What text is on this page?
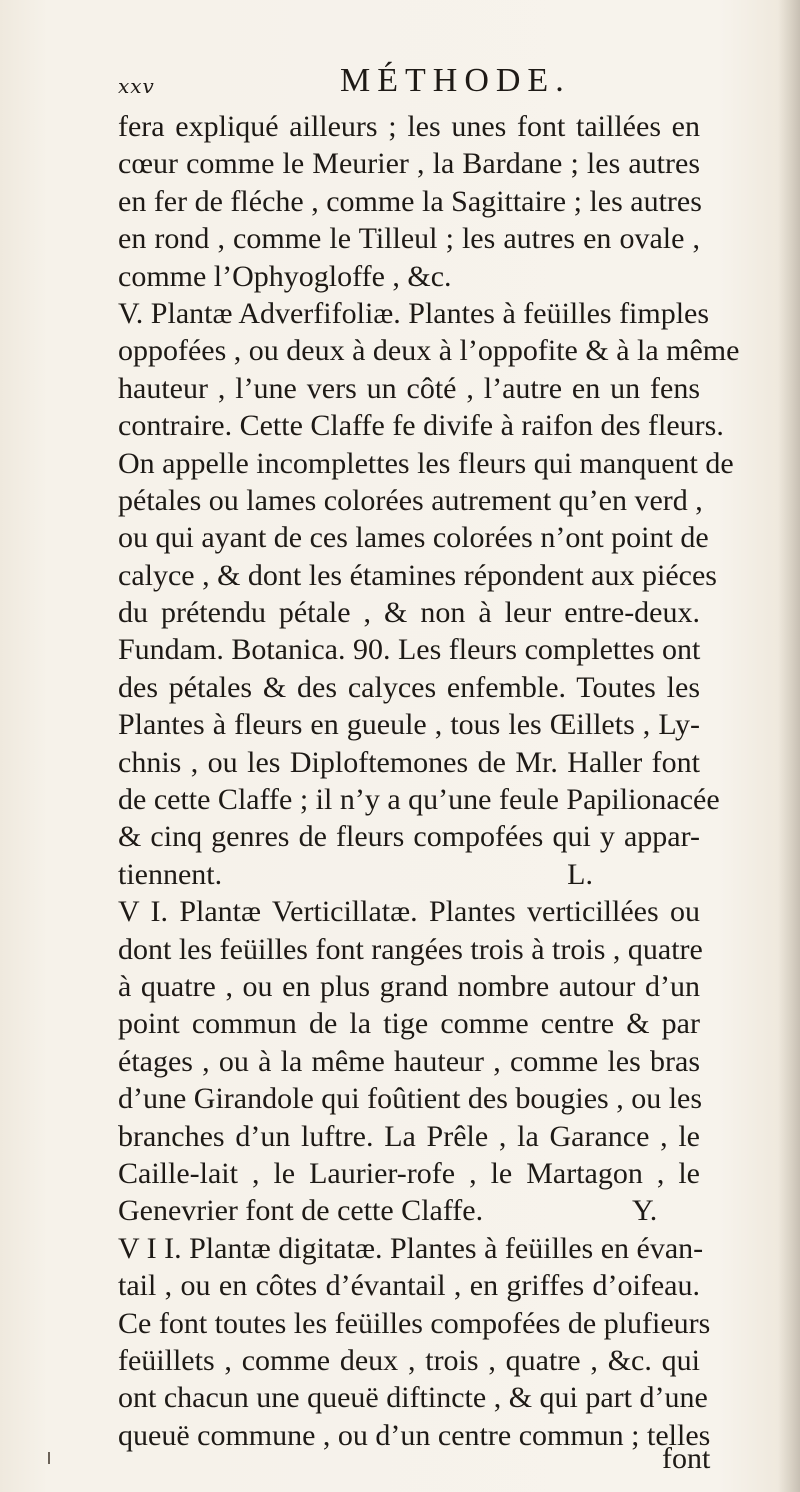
xxv	MÉTHODE.
fera expliqué ailleurs ; les unes font taillées en
cœur comme le Meurier , la Bardane ; les autres
en fer de fléche , comme la Sagittaire ; les autres
en rond , comme le Tilleul ; les autres en ovale ,
comme l’Ophyogloffe , &c.
V. Plantæ Adverfifoliæ. Plantes à feüilles fimples
oppofées , ou deux à deux à l’oppofite & à la même
hauteur , l’une vers un côté , l’autre en un fens
contraire. Cette Claffe fe divife à raifon des fleurs.
On appelle incomplettes les fleurs qui manquent de
pétales ou lames colorées autrement qu’en verd ,
ou qui ayant de ces lames colorées n’ont point de
calyce , & dont les étamines répondent aux piéces
du prétendu pétale , & non à leur entre-deux.
Fundam. Botanica. 90. Les fleurs complettes ont
des pétales & des calyces enfemble. Toutes les
Plantes à fleurs en gueule , tous les Œillets , Ly-
chnis , ou les Diploftemones de Mr. Haller font
de cette Claffe ; il n’y a qu’une feule Papilionacée
& cinq genres de fleurs compofées qui y appar-
tiennent.                                              L.
V I. Plantæ Verticillatæ. Plantes verticillées ou
dont les feüilles font rangées trois à trois , quatre
à quatre , ou en plus grand nombre autour d’un
point commun de la tige comme centre & par
étages , ou à la même hauteur , comme les bras
d’une Girandole qui foûtient des bougies , ou les
branches d’un luftre. La Prêle , la Garance , le
Caille-lait , le Laurier-rofe , le Martagon , le
Genevrier font de cette Claffe.                    Y.
V I I. Plantæ digitatæ. Plantes à feüilles en évan-
tail , ou en côtes d’évantail , en griffes d’oifeau.
Ce font toutes les feüilles compofées de plufieurs
feüillets , comme deux , trois , quatre , &c. qui
ont chacun une queuë diftincte , & qui part d’une
queuë commune , ou d’un centre commun ; telles
font
